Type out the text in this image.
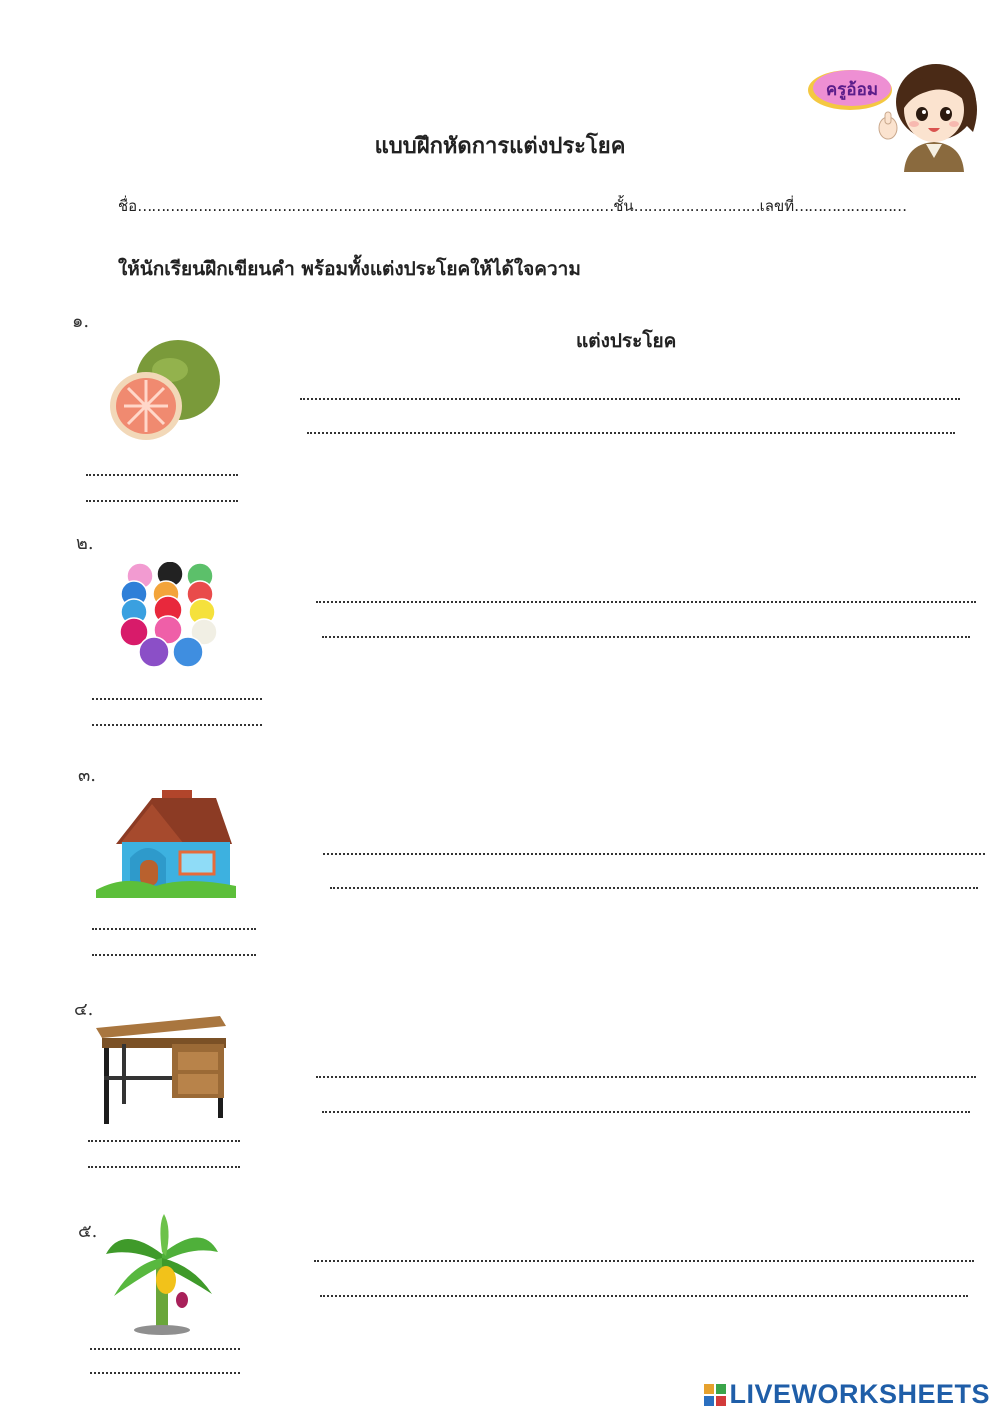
ครูอ้อม
แบบฝึกหัดการแต่งประโยค
ชื่อ…………………………………………………………………………………………ชั้น………………………เลขที่……………………
ให้นักเรียนฝึกเขียนคำ พร้อมทั้งแต่งประโยคให้ได้ใจความ
แต่งประโยค
๑.
๒.
๓.
๔.
๕.
LIVEWORKSHEETS
